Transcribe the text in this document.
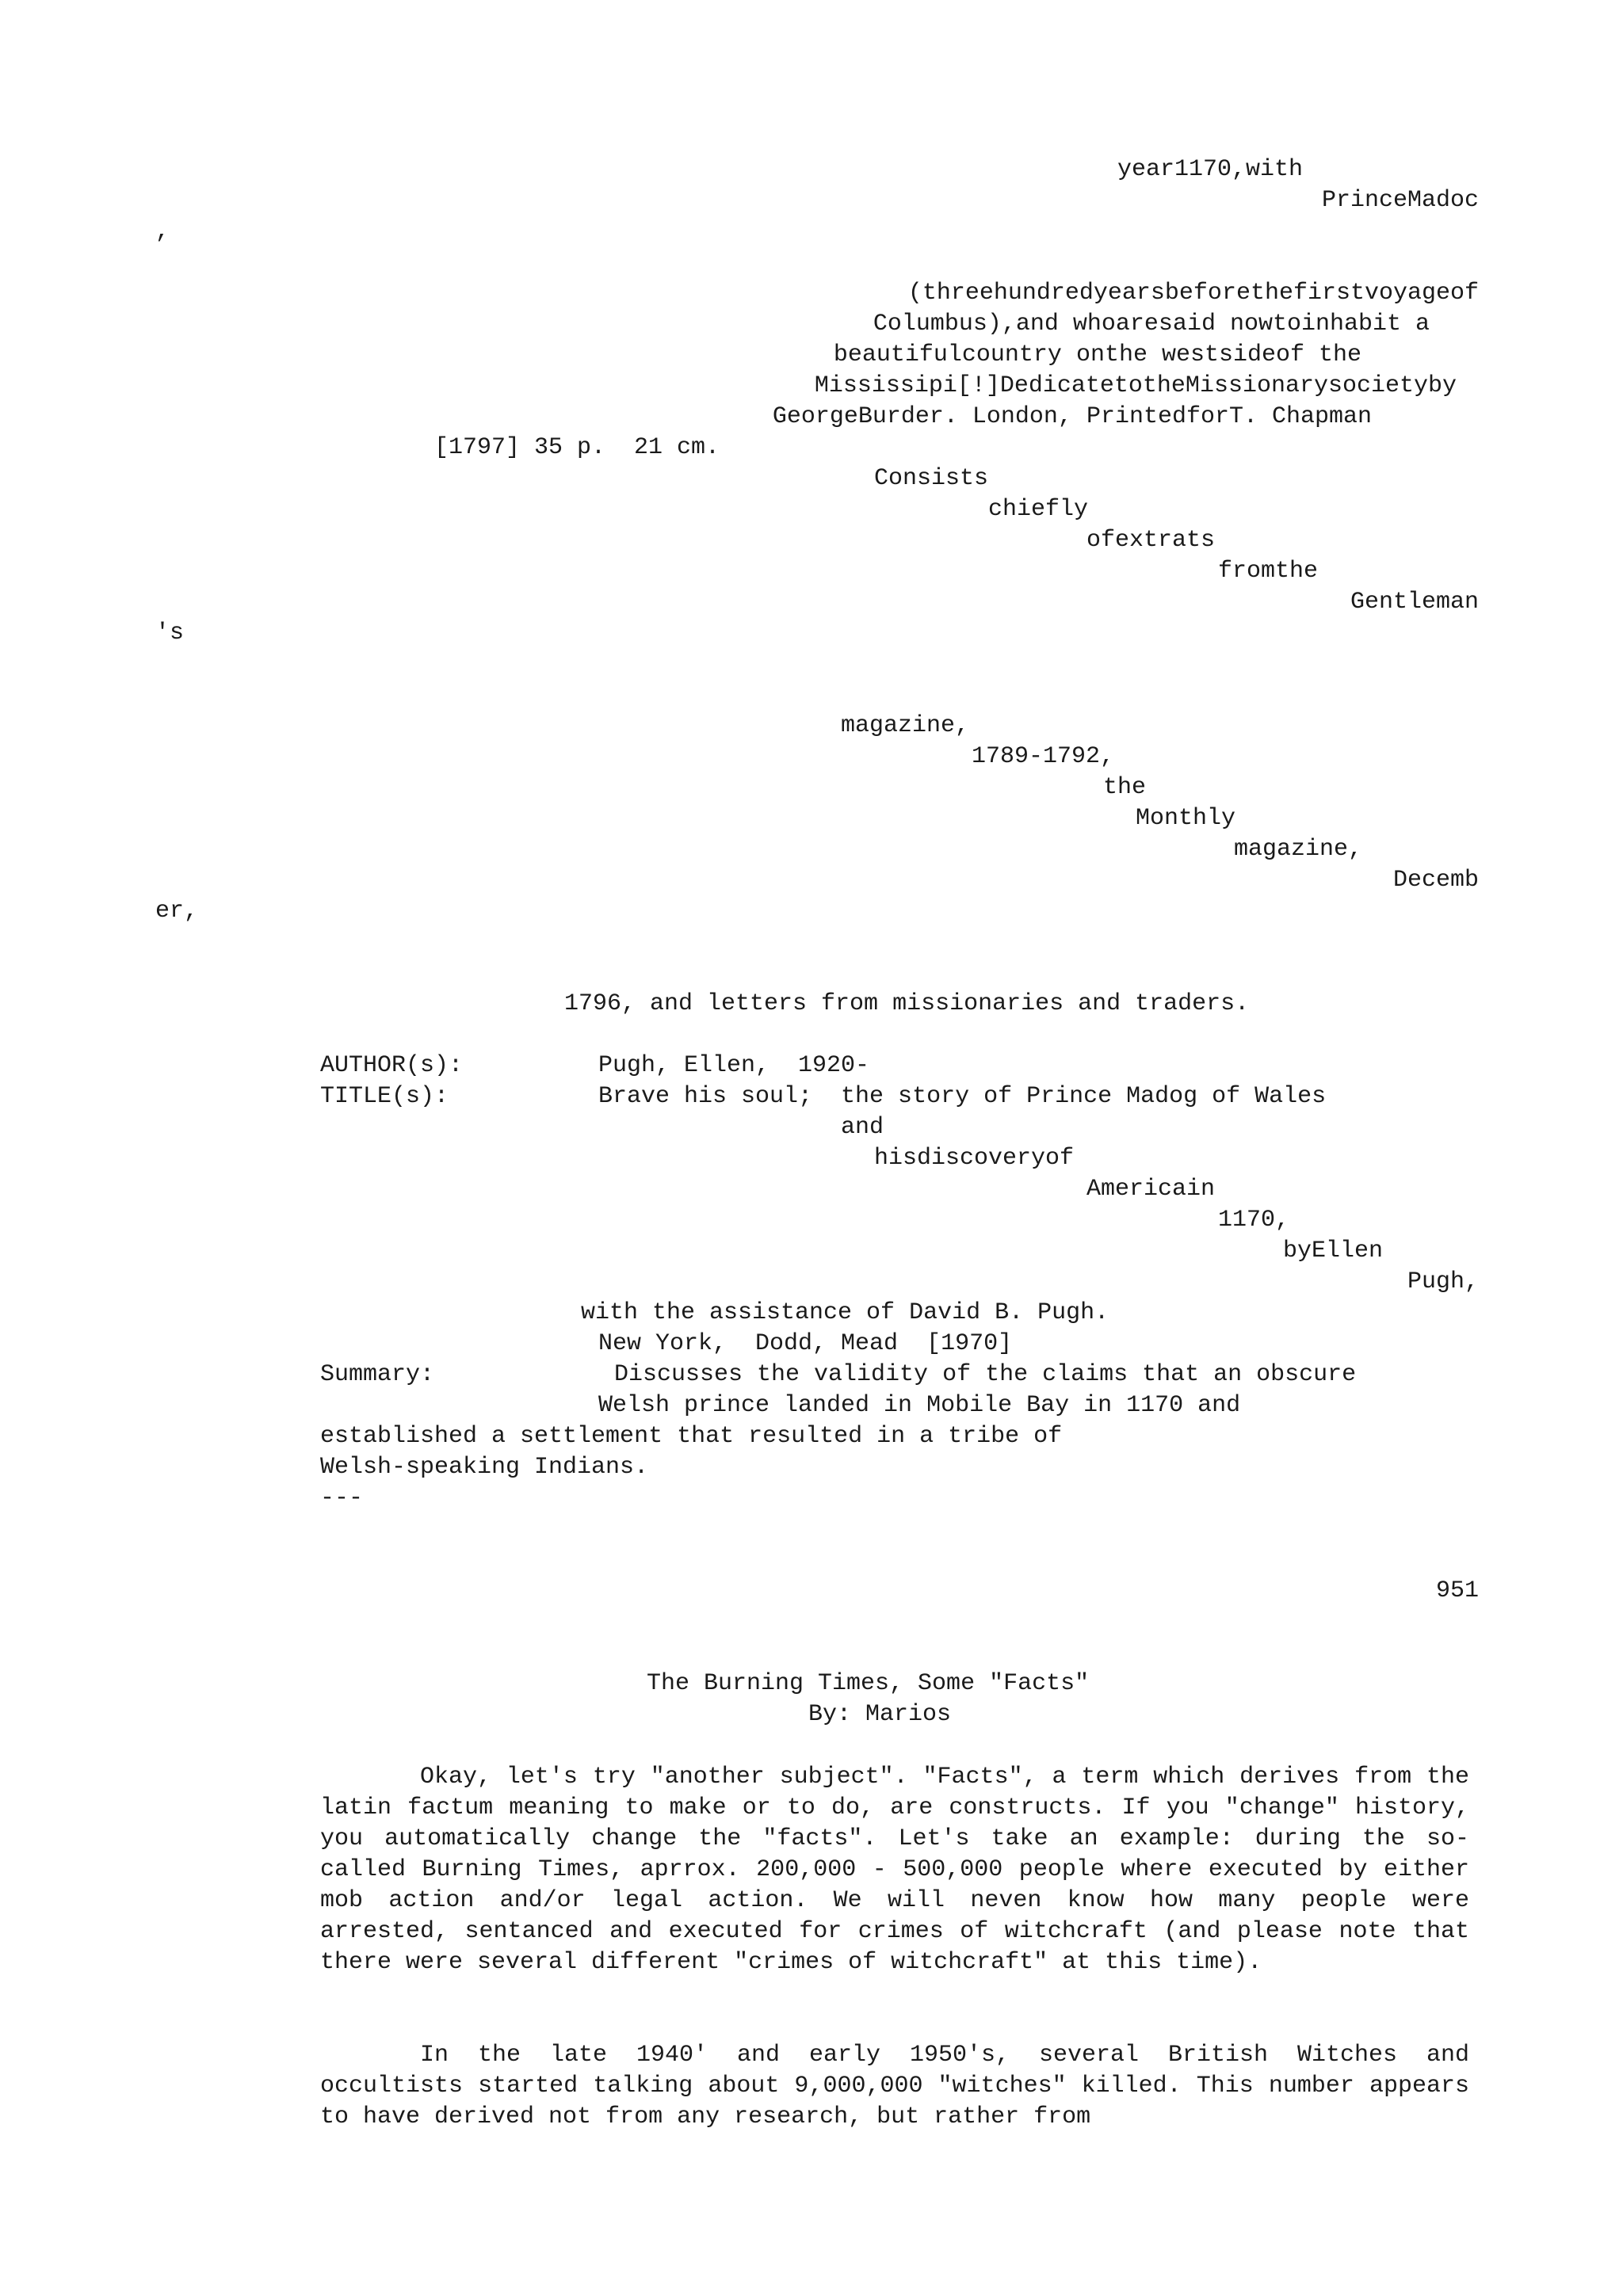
year1170,with
PrinceMadoc
,
(threehundredyearsbeforethefirstvoyageof
Columbus),and whoaresaid nowtoinhabit a
beautifulcountry onthe westsideof the
Mississipi[!]DedicatetotheMissionarysocietyby
GeorgeBurder. London, PrintedforT. Chapman
[1797] 35 p.  21 cm.
Consists
chiefly
ofextrats
fromthe
Gentleman
's
magazine,
1789-1792,
the
Monthly
magazine,
Decemb
er,
1796, and letters from missionaries and traders.
AUTHOR(s):	Pugh, Ellen,  1920-
TITLE(s):	Brave his soul;  the story of Prince Madog of Wales
and
hisdiscoveryof
Americain
1170,
byEllen
Pugh,
with the assistance of David B. Pugh.
New York,  Dodd, Mead  [1970]
Summary:	Discusses the validity of the claims that an obscure
Welsh prince landed in Mobile Bay in 1170 and
established a settlement that resulted in a tribe of
Welsh-speaking Indians.
---
951
The Burning Times, Some "Facts"
By: Marios
Okay, let's try "another subject". "Facts", a term which derives from the latin factum meaning to make or to do, are constructs. If you "change" history, you automatically change the "facts". Let's take an example: during the so-called Burning Times, aprrox. 200,000 - 500,000 people where executed by either mob action and/or legal action. We will neven know how many people were arrested, sentanced and executed for crimes of witchcraft (and please note that there were several different "crimes of witchcraft" at this time).
In the late 1940' and early 1950's, several British Witches and occultists started talking about 9,000,000 "witches" killed. This number appears to have derived not from any research, but rather from
